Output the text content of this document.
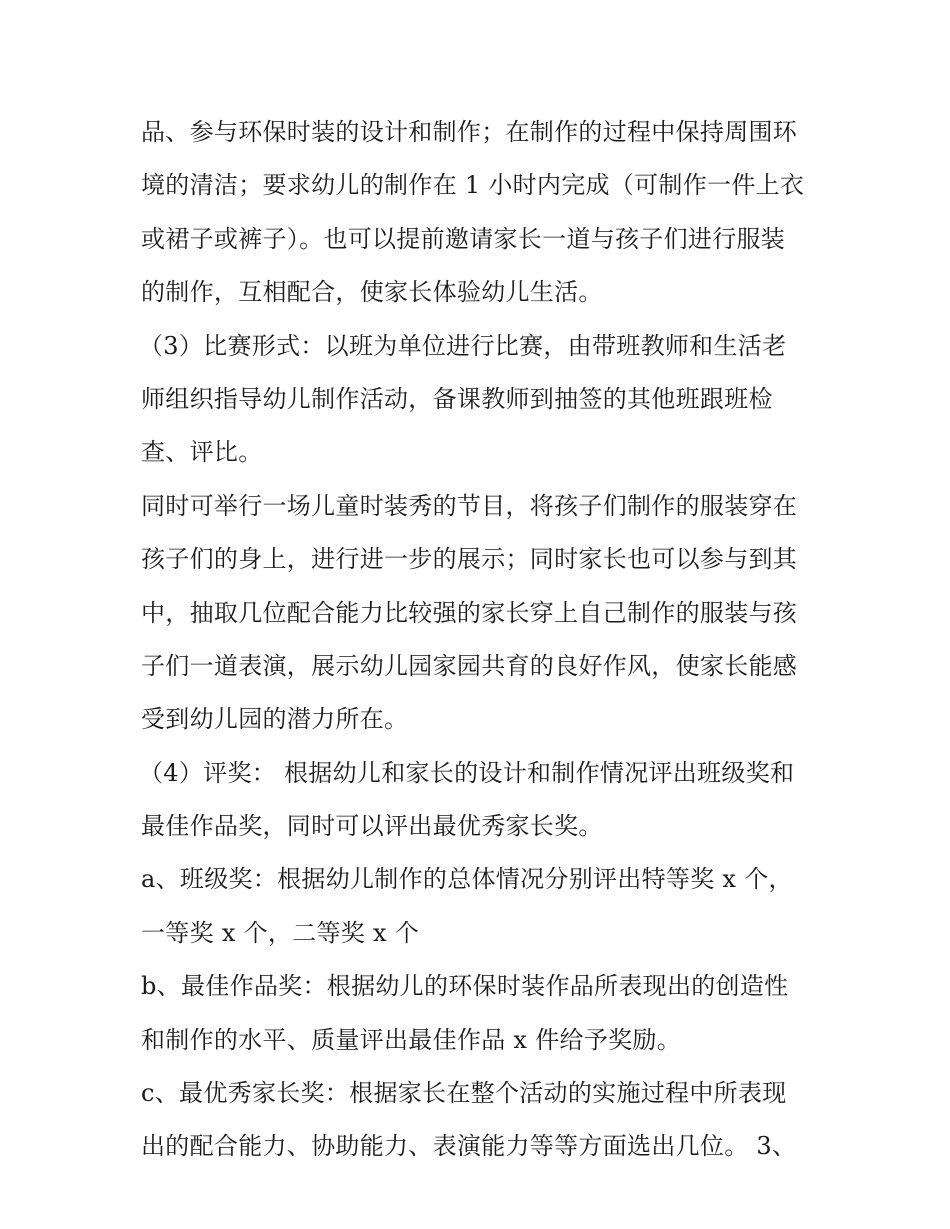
品、参与环保时装的设计和制作；在制作的过程中保持周围环
境的清洁；要求幼儿的制作在 1 小时内完成（可制作一件上衣
或裙子或裤子）。也可以提前邀请家长一道与孩子们进行服装
的制作，互相配合，使家长体验幼儿生活。
（3）比赛形式：以班为单位进行比赛，由带班教师和生活老
师组织指导幼儿制作活动，备课教师到抽签的其他班跟班检
查、评比。
同时可举行一场儿童时装秀的节目，将孩子们制作的服装穿在
孩子们的身上，进行进一步的展示；同时家长也可以参与到其
中，抽取几位配合能力比较强的家长穿上自己制作的服装与孩
子们一道表演，展示幼儿园家园共育的良好作风，使家长能感
受到幼儿园的潜力所在。
（4）评奖： 根据幼儿和家长的设计和制作情况评出班级奖和
最佳作品奖，同时可以评出最优秀家长奖。
a、班级奖：根据幼儿制作的总体情况分别评出特等奖 x 个，
一等奖 x 个，二等奖 x 个
b、最佳作品奖：根据幼儿的环保时装作品所表现出的创造性
和制作的水平、质量评出最佳作品 x 件给予奖励。
c、最优秀家长奖：根据家长在整个活动的实施过程中所表现
出的配合能力、协助能力、表演能力等等方面选出几位。 3、
